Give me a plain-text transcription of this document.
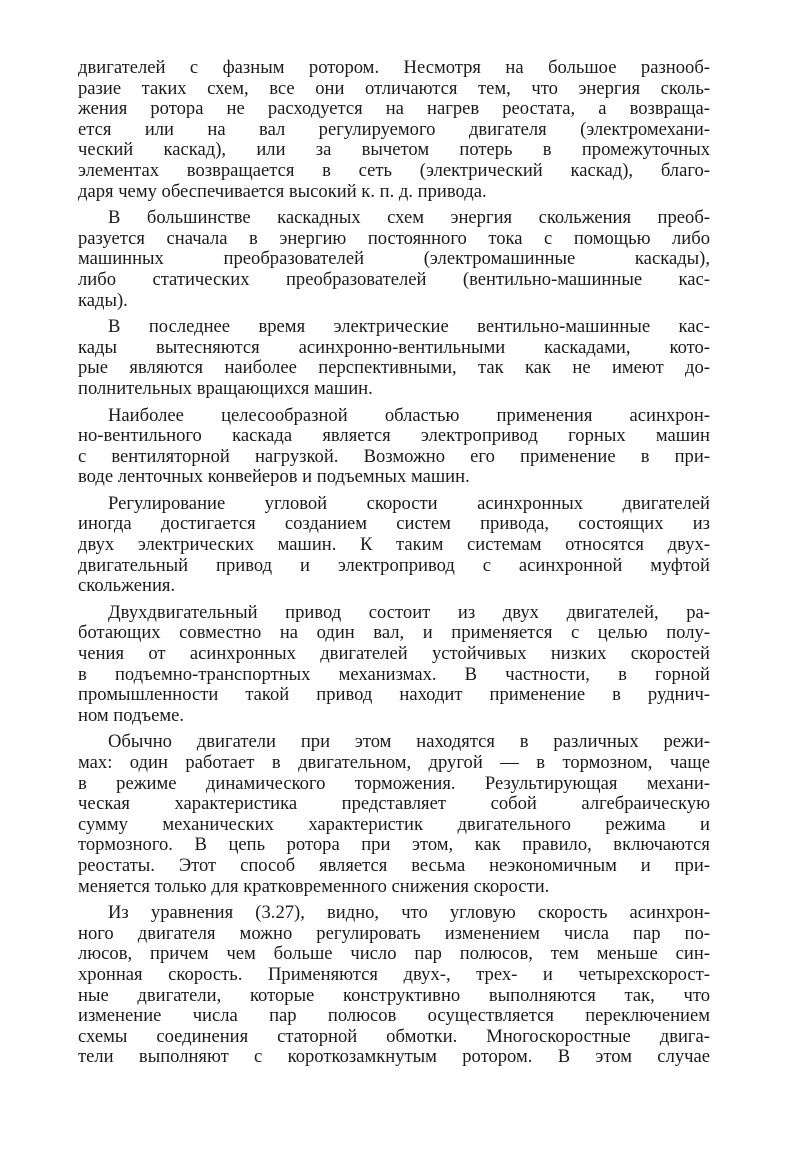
двигателей с фазным ротором. Несмотря на большое разнооб-
разие таких схем, все они отличаются тем, что энергия сколь-
жения ротора не расходуется на нагрев реостата, а возвраща-
ется или на вал регулируемого двигателя (электромехани-
ческий каскад), или за вычетом потерь в промежуточных
элементах возвращается в сеть (электрический каскад), благо-
даря чему обеспечивается высокий к. п. д. привода.

В большинстве каскадных схем энергия скольжения преоб-
разуется сначала в энергию постоянного тока с помощью либо
машинных преобразователей (электромашинные каскады),
либо статических преобразователей (вентильно-машинные кас-
кады).

В последнее время электрические вентильно-машинные кас-
кады вытесняются асинхронно-вентильными каскадами, кото-
рые являются наиболее перспективными, так как не имеют до-
полнительных вращающихся машин.

Наиболее целесообразной областью применения асинхрон-
но-вентильного каскада является электропривод горных машин
с вентиляторной нагрузкой. Возможно его применение в при-
воде ленточных конвейеров и подъемных машин.

Регулирование угловой скорости асинхронных двигателей
иногда достигается созданием систем привода, состоящих из
двух электрических машин. К таким системам относятся двух-
двигательный привод и электропривод с асинхронной муфтой
скольжения.

Двухдвигательный привод состоит из двух двигателей, ра-
ботающих совместно на один вал, и применяется с целью полу-
чения от асинхронных двигателей устойчивых низких скоростей
в подъемно-транспортных механизмах. В частности, в горной
промышленности такой привод находит применение в руднич-
ном подъеме.

Обычно двигатели при этом находятся в различных режи-
мах: один работает в двигательном, другой — в тормозном, чаще
в режиме динамического торможения. Результирующая механи-
ческая характеристика представляет собой алгебраическую
сумму механических характеристик двигательного режима и
тормозного. В цепь ротора при этом, как правило, включаются
реостаты. Этот способ является весьма неэкономичным и при-
меняется только для кратковременного снижения скорости.

Из уравнения (3.27), видно, что угловую скорость асинхрон-
ного двигателя можно регулировать изменением числа пар по-
люсов, причем чем больше число пар полюсов, тем меньше син-
хронная скорость. Применяются двух-, трех- и четырехскорост-
ные двигатели, которые конструктивно выполняются так, что
изменение числа пар полюсов осуществляется переключением
схемы соединения статорной обмотки. Многоскоростные двига-
тели выполняют с короткозамкнутым ротором. В этом случае
